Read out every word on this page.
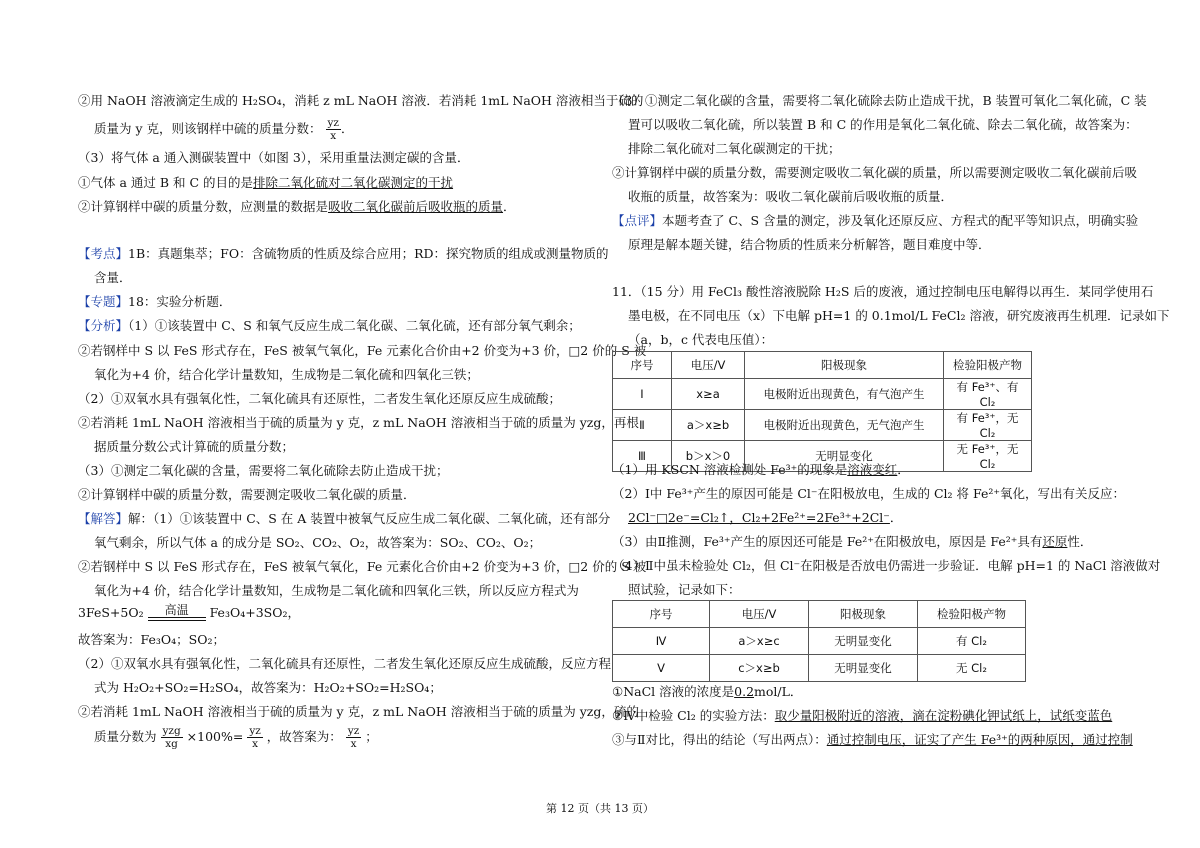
②用 NaOH 溶液滴定生成的 H₂SO₄，消耗 z mL NaOH 溶液．若消耗 1mL NaOH 溶液相当于硫的
质量为 y 克，则该钢样中硫的质量分数： $\frac{yz}{x}$ ．
（3）将气体 a 通入测碳装置中（如图 3），采用重量法测定碳的含量．
①气体 a 通过 B 和 C 的目的是排除二氧化硫对二氧化碳测定的干扰
②计算钢样中碳的质量分数，应测量的数据是吸收二氧化碳前后吸收瓶的质量．
【考点】1B：真题集萃；FO：含硫物质的性质及综合应用；RD：探究物质的组成或测量物质的
含量．
【专题】18：实验分析题．
【分析】（1）①该装置中 C、S 和氧气反应生成二氧化碳、二氧化硫，还有部分氧气剩余；
②若钢样中 S 以 FeS 形式存在，FeS 被氧气氧化，Fe 元素化合价由+2 价变为+3 价，□2 价的 S 被
氧化为+4 价，结合化学计量数知，生成物是二氧化硫和四氧化三铁；
（2）①双氧水具有强氧化性，二氧化硫具有还原性，二者发生氧化还原反应生成硫酸；
②若消耗 1mL NaOH 溶液相当于硫的质量为 y 克，z mL NaOH 溶液相当于硫的质量为 yzg，再根
据质量分数公式计算硫的质量分数；
（3）①测定二氧化碳的含量，需要将二氧化硫除去防止造成干扰；
②计算钢样中碳的质量分数，需要测定吸收二氧化碳的质量．
【解答】解：（1）①该装置中 C、S 在 A 装置中被氧气反应生成二氧化碳、二氧化硫，还有部分
氧气剩余，所以气体 a 的成分是 SO₂、CO₂、O₂，故答案为：SO₂、CO₂、O₂；
②若钢样中 S 以 FeS 形式存在，FeS 被氧气氧化，Fe 元素化合价由+2 价变为+3 价，□2 价的 S 被
氧化为+4 价，结合化学计量数知，生成物是二氧化硫和四氧化三铁，所以反应方程式为
3FeS+5O₂	高温	Fe₃O₄+3SO₂，
故答案为：Fe₃O₄；SO₂；
（2）①双氧水具有强氧化性，二氧化硫具有还原性，二者发生氧化还原反应生成硫酸，反应方程
式为 H₂O₂+SO₂=H₂SO₄，故答案为：H₂O₂+SO₂=H₂SO₄；
②若消耗 1mL NaOH 溶液相当于硫的质量为 y 克，z mL NaOH 溶液相当于硫的质量为 yzg，硫的
质量分数为 $\frac{\text{yzg}}{xg} \times 100\%= \frac{yz}{x}$ ，故答案为： $\frac{yz}{x}$ ；
（3）①测定二氧化碳的含量，需要将二氧化硫除去防止造成干扰，B 装置可氧化二氧化硫，C 装
置可以吸收二氧化硫，所以装置 B 和 C 的作用是氧化二氧化硫、除去二氧化硫，故答案为：
排除二氧化硫对二氧化碳测定的干扰；
②计算钢样中碳的质量分数，需要测定吸收二氧化碳的质量，所以需要测定吸收二氧化碳前后吸
收瓶的质量，故答案为：吸收二氧化碳前后吸收瓶的质量．
【点评】本题考查了 C、S 含量的测定，涉及氧化还原反应、方程式的配平等知识点，明确实验
原理是解本题关键，结合物质的性质来分析解答，题目难度中等．
11．（15 分）用 FeCl₃ 酸性溶液脱除 H₂S 后的废液，通过控制电压电解得以再生．某同学使用石
墨电极，在不同电压（x）下电解 pH=1 的 0.1mol/L FeCl₂ 溶液，研究废液再生机理．记录如下
（a，b，c 代表电压值）：
序号	电压/V	阳极现象	检验阳极产物
Ⅰ	x≥a	电极附近出现黄色，有气泡产生	有 Fe³⁺、有 Cl₂
Ⅱ	a＞x≥b	电极附近出现黄色，无气泡产生	有 Fe³⁺，无 Cl₂
Ⅲ	b＞x＞0	无明显变化	无 Fe³⁺，无 Cl₂
（1）用 KSCN 溶液检测处 Fe³⁺的现象是溶液变红．
（2）Ⅰ中 Fe³⁺产生的原因可能是 Cl⁻在阳极放电，生成的 Cl₂ 将 Fe²⁺氧化，写出有关反应：
2Cl⁻□2e⁻=Cl₂↑，Cl₂+2Fe²⁺=2Fe³⁺+2Cl⁻．
（3）由Ⅱ推测，Fe³⁺产生的原因还可能是 Fe²⁺在阳极放电，原因是 Fe²⁺具有还原性．
（4）Ⅱ中虽未检验处 Cl₂，但 Cl⁻在阳极是否放电仍需进一步验证．电解 pH=1 的 NaCl 溶液做对
照试验，记录如下：
序号	电压/V	阳极现象	检验阳极产物
Ⅳ	a＞x≥c	无明显变化	有 Cl₂
Ⅴ	c＞x≥b	无明显变化	无 Cl₂
①NaCl 溶液的浓度是0.2mol/L．
②Ⅳ中检验 Cl₂ 的实验方法：取少量阳极附近的溶液，滴在淀粉碘化钾试纸上，试纸变蓝色
③与Ⅱ对比，得出的结论（写出两点）：通过控制电压，证实了产生 Fe³⁺的两种原因，通过控制
第 12 页（共 13 页）
